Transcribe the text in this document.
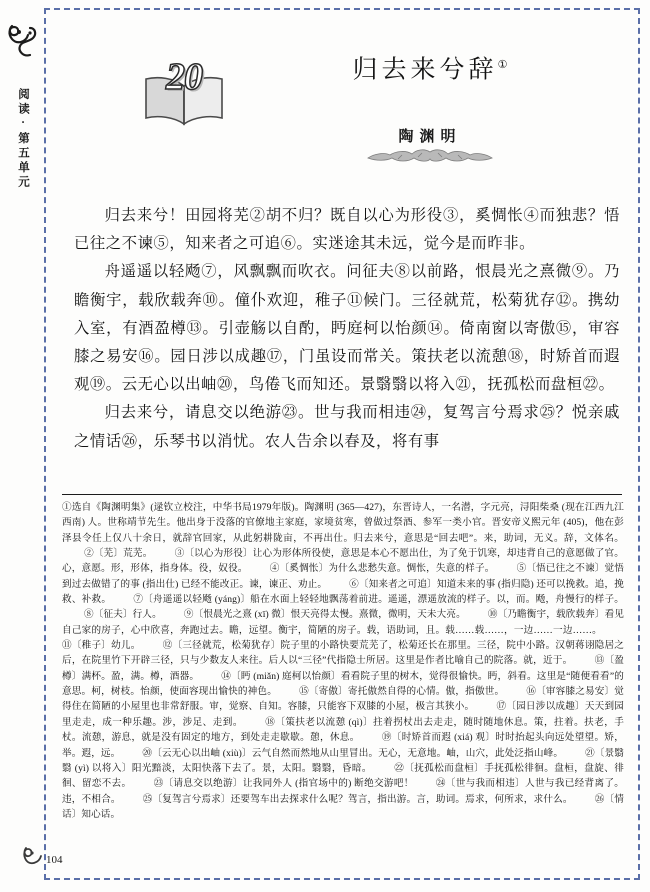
阅读·第五单元
20	归去来兮辞①
陶渊明

归去来兮！田园将芜②胡不归？既自以心为形役③，奚惆怅④而独悲？悟已往之不谏⑤，知来者之可追⑥。实迷途其未远，觉今是而昨非。

舟遥遥以轻飏⑦，风飘飘而吹衣。问征夫⑧以前路，恨晨光之熹微⑨。乃瞻衡宇，载欣载奔⑩。僮仆欢迎，稚子⑪候门。三径就荒，松菊犹存⑫。携幼入室，有酒盈樽⑬。引壶觞以自酌，眄庭柯以怡颜⑭。倚南窗以寄傲⑮，审容膝之易安⑯。园日涉以成趣⑰，门虽设而常关。策扶老以流憩⑱，时矫首而遐观⑲。云无心以出岫⑳，鸟倦飞而知还。景翳翳以将入㉑，抚孤松而盘桓㉒。

归去来兮，请息交以绝游㉓。世与我而相违㉔，复驾言兮焉求㉕？悦亲戚之情话㉖，乐琴书以消忧。农人告余以春及，将有事

①选自《陶渊明集》(逯钦立校注，中华书局1979年版)。陶渊明 (365—427)，东晋诗人，一名潜，字元亮，浔阳柴桑 (现在江西九江西南) 人。世称靖节先生。他出身于没落的官僚地主家庭，家境贫寒，曾做过祭酒、参军一类小官。晋安帝义熙元年 (405)，他在彭泽县令任上仅八十余日，就辞官回家，从此躬耕陇亩，不再出仕。归去来兮，意思是“回去吧”。来，助词，无义。辞，文体名。②〔芜〕荒芜。 ③〔以心为形役〕让心为形体所役使，意思是本心不愿出仕，为了免于饥寒，却违背自己的意愿做了官。心，意愿。形，形体，指身体。役，奴役。 ④〔奚惆怅〕为什么悲愁失意。惆怅，失意的样子。 ⑤〔悟已往之不谏〕觉悟到过去做错了的事 (指出仕) 已经不能改正。谏，谏正、劝止。 ⑥〔知来者之可追〕知道未来的事 (指归隐) 还可以挽救。追，挽救、补救。 ⑦〔舟遥遥以轻飏 (yáng)〕船在水面上轻轻地飘荡着前进。遥遥，漂遥放流的样子。以，而。飏，舟慢行的样子。⑧〔征夫〕行人。 ⑨〔恨晨光之熹 (xī) 微〕恨天亮得太慢。熹微，微明，天未大亮。 ⑩〔乃瞻衡宇，载欣载奔〕看见自己家的房子，心中欣喜，奔跑过去。瞻，远望。衡宇，简陋的房子。载，语助词，且。载……载……，一边……一边……。⑪〔稚子〕幼儿。 ⑫〔三径就荒，松菊犹存〕院子里的小路快要荒芜了，松菊还长在那里。三径，院中小路。汉朝蒋诩隐居之后，在院里竹下开辟三径，只与少数友人来往。后人以“三径”代指隐士所居。这里是作者比喻自己的院落。就，近于。 ⑬〔盈樽〕满杯。盈，满。樽，酒器。 ⑭〔眄 (miǎn) 庭柯以怡颜〕看看院子里的树木，觉得很愉快。眄，斜看。这里是“随便看看”的意思。柯，树枝。怡颜，使面容现出愉快的神色。 ⑮〔寄傲〕寄托傲然自得的心情。傲，指傲世。 ⑯〔审容膝之易安〕觉得住在简陋的小屋里也非常舒服。审，觉察、自知。容膝，只能容下双膝的小屋，极言其狭小。 ⑰〔园日涉以成趣〕天天到园里走走，成一种乐趣。涉，涉足、走到。 ⑱〔策扶老以流憩 (qì)〕拄着拐杖出去走走，随时随地休息。策，拄着。扶老，手杖。流憩，游息，就是没有固定的地方，到处走走歇歇。憩，休息。 ⑲〔时矫首而遐 (xiá) 观〕时时抬起头向远处望望。矫，举。遐，远。 ⑳〔云无心以出岫 (xiù)〕云气自然而然地从山里冒出。无心，无意地。岫，山穴，此处泛指山峰。 ㉑〔景翳翳 (yì) 以将入〕阳光黯淡，太阳快落下去了。景，太阳。翳翳，昏暗。 ㉒〔抚孤松而盘桓〕手抚孤松徘徊。盘桓，盘旋、徘徊、留恋不去。 ㉓〔请息交以绝游〕让我同外人 (指官场中的) 断绝交游吧！ ㉔〔世与我而相违〕人世与我已经背离了。违，不相合。 ㉕〔复驾言兮焉求〕还要驾车出去探求什么呢？驾言，指出游。言，助词。焉求，何所求，求什么。 ㉖〔情话〕知心话。
104
